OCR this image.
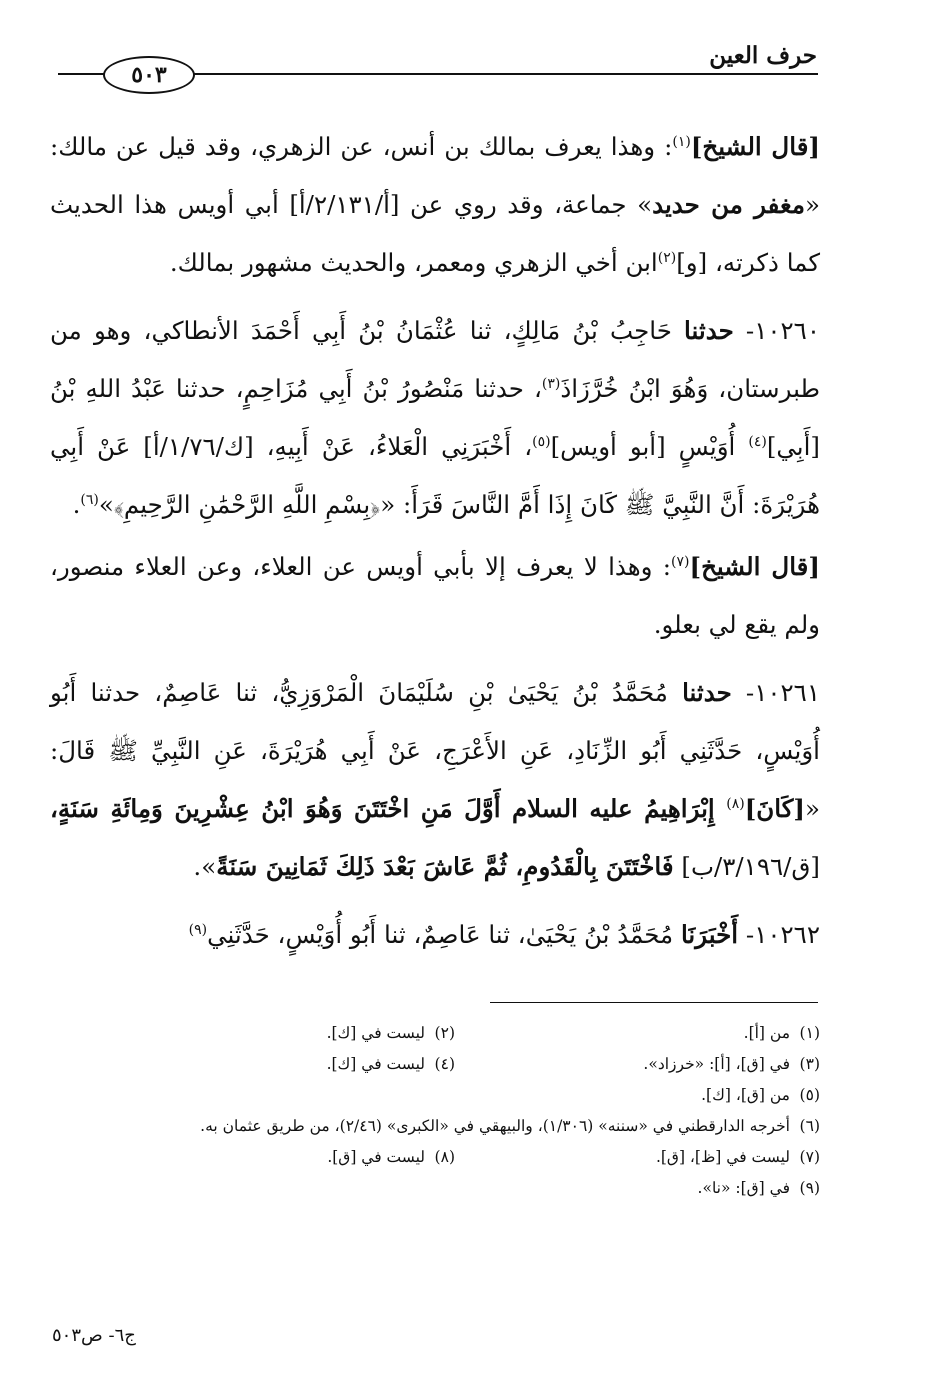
حرف العين
٥٠٣

[قال الشيخ]$^{(١)}$: وهذا يعرف بمالك بن أنس، عن الزهري، وقد قيل عن مالك: «مغفر من حديد» جماعة، وقد روي عن [أ/٢/١٣١/أ] أبي أويس هذا الحديث كما ذكرته، [و]$^{(٢)}$ابن أخي الزهري ومعمر، والحديث مشهور بمالك.

١٠٢٦٠- حدثنا حَاجِبُ بْنُ مَالِكٍ، ثنا عُثْمَانُ بْنُ أَبِي أَحْمَدَ الأنطاكي، وهو من طبرستان، وَهُوَ ابْنُ خُرَّزَاذَ$^{(٣)}$، حدثنا مَنْصُورُ بْنُ أَبِي مُزَاحِمٍ، حدثنا عَبْدُ اللهِ بْنُ [أَبِي]$^{(٤)}$ أُوَيْسٍ [أبو أويس]$^{(٥)}$، أَخْبَرَنِي الْعَلاءُ، عَنْ أَبِيهِ، [ك/١/٧٦/أ] عَنْ أَبِي هُرَيْرَةَ: أَنَّ النَّبِيَّ ﷺ كَانَ إِذَا أَمَّ النَّاسَ قَرَأَ: «﴿بِسْمِ اللَّهِ الرَّحْمَٰنِ الرَّحِيمِ﴾»$^{(٦)}$.

[قال الشيخ]$^{(٧)}$: وهذا لا يعرف إلا بأبي أويس عن العلاء، وعن العلاء منصور، ولم يقع لي بعلو.

١٠٢٦١- حدثنا مُحَمَّدُ بْنُ يَحْيَىٰ بْنِ سُلَيْمَانَ الْمَرْوَزِيُّ، ثنا عَاصِمٌ، حدثنا أَبُو أُوَيْسٍ، حَدَّثَنِي أَبُو الزِّنَادِ، عَنِ الأَعْرَجِ، عَنْ أَبِي هُرَيْرَةَ، عَنِ النَّبِيِّ ﷺ قَالَ: «[كَانَ]$^{(٨)}$ إِبْرَاهِيمُ عليه السلام أَوَّلَ مَنِ اخْتَتَنَ وَهُوَ ابْنُ عِشْرِينَ وَمِائَةِ سَنَةٍ، [ق/٣/١٩٦/ب] فَاخْتَتَنَ بِالْقَدُومِ، ثُمَّ عَاشَ بَعْدَ ذَلِكَ ثَمَانِينَ سَنَةً».

١٠٢٦٢- أَخْبَرَنَا مُحَمَّدُ بْنُ يَحْيَىٰ، ثنا عَاصِمٌ، ثنا أَبُو أُوَيْسٍ، حَدَّثَنِي$^{(٩)}$

(١)من [أ].
(٢)ليست في [ك].
(٣)في [ق]، [أ]: «خرزاد».
(٤)ليست في [ك].
(٥)من [ق]، [ك].
(٦)أخرجه الدارقطني في «سننه» (١/٣٠٦)، والبيهقي في «الكبرى» (٢/٤٦)، من طريق عثمان به.
(٧)ليست في [ظ]، [ق].
(٨)ليست في [ق].
(٩)في [ق]: «نا».
ج٦- ص٥٠٣
